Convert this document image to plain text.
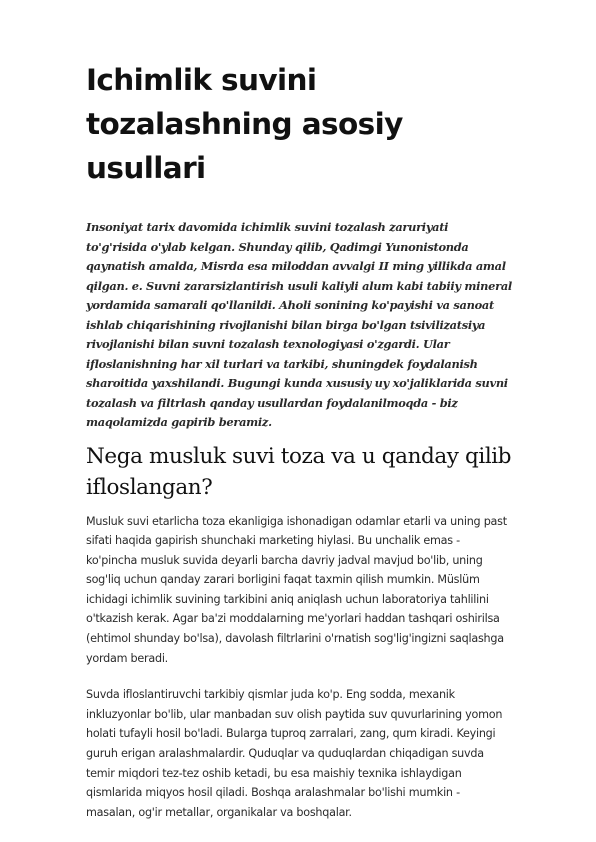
Ichimlik suvini tozalashning asosiy usullari

Insoniyat tarix davomida ichimlik suvini tozalash zaruriyati to'g'risida o'ylab kelgan. Shunday qilib, Qadimgi Yunonistonda qaynatish amalda, Misrda esa miloddan avvalgi II ming yillikda amal qilgan. e. Suvni zararsizlantirish usuli kaliyli alum kabi tabiiy mineral yordamida samarali qo'llanildi. Aholi sonining ko'payishi va sanoat ishlab chiqarishining rivojlanishi bilan birga bo'lgan tsivilizatsiya rivojlanishi bilan suvni tozalash texnologiyasi o'zgardi. Ular ifloslanishning har xil turlari va tarkibi, shuningdek foydalanish sharoitida yaxshilandi. Bugungi kunda xususiy uy xo'jaliklarida suvni tozalash va filtrlash qanday usullardan foydalanilmoqda - biz maqolamizda gapirib beramiz.

Nega musluk suvi toza va u qanday qilib ifloslangan?

Musluk suvi etarlicha toza ekanligiga ishonadigan odamlar etarli va uning past sifati haqida gapirish shunchaki marketing hiylasi. Bu unchalik emas - ko'pincha musluk suvida deyarli barcha davriy jadval mavjud bo'lib, uning sog'liq uchun qanday zarari borligini faqat taxmin qilish mumkin. Müslüm ichidagi ichimlik suvining tarkibini aniq aniqlash uchun laboratoriya tahlilini o'tkazish kerak. Agar ba'zi moddalarning me'yorlari haddan tashqari oshirilsa (ehtimol shunday bo'lsa), davolash filtrlarini o'rnatish sog'lig'ingizni saqlashga yordam beradi.

Suvda ifloslantiruvchi tarkibiy qismlar juda ko'p. Eng sodda, mexanik inkluzyonlar bo'lib, ular manbadan suv olish paytida suv quvurlarining yomon holati tufayli hosil bo'ladi. Bularga tuproq zarralari, zang, qum kiradi. Keyingi guruh erigan aralashmalardir. Quduqlar va quduqlardan chiqadigan suvda temir miqdori tez-tez oshib ketadi, bu esa maishiy texnika ishlaydigan qismlarida miqyos hosil qiladi. Boshqa aralashmalar bo'lishi mumkin - masalan, og'ir metallar, organikalar va boshqalar.
